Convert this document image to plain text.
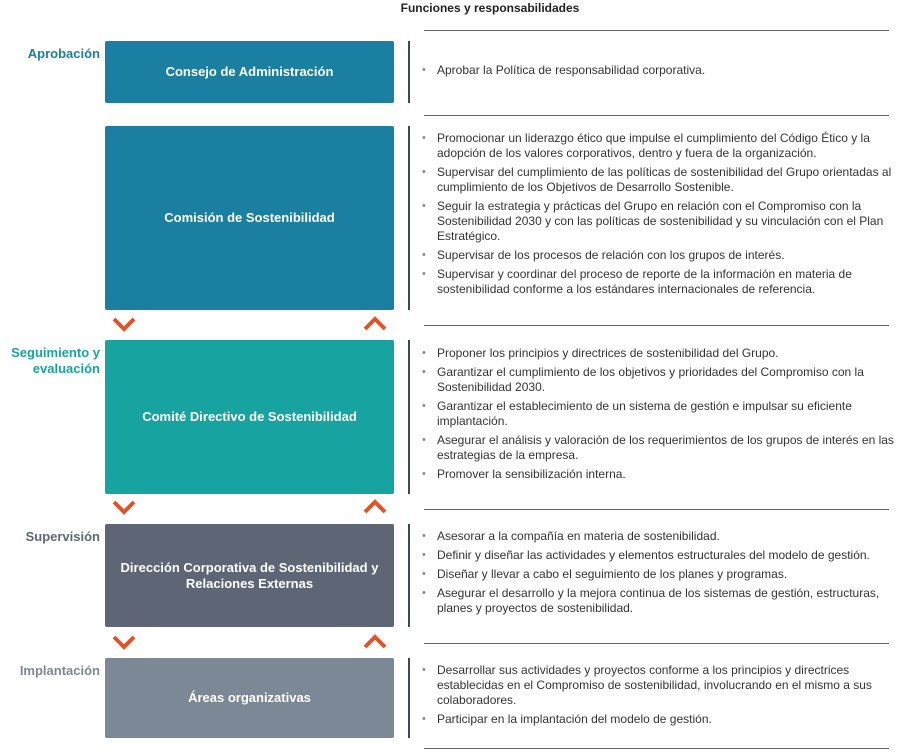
Funciones y responsabilidades
Aprobación
Seguimiento y evaluación
Supervisión
Implantación
Consejo de Administración
Comisión de Sostenibilidad
Comité Directivo de Sostenibilidad
Dirección Corporativa de Sostenibilidad y Relaciones Externas
Áreas organizativas
• Aprobar la Política de responsabilidad corporativa.
• Promocionar un liderazgo ético que impulse el cumplimiento del Código Ético y la adopción de los valores corporativos, dentro y fuera de la organización.
• Supervisar del cumplimiento de las políticas de sostenibilidad del Grupo orientadas al cumplimiento de los Objetivos de Desarrollo Sostenible.
• Seguir la estrategia y prácticas del Grupo en relación con el Compromiso con la Sostenibilidad 2030 y con las políticas de sostenibilidad y su vinculación con el Plan Estratégico.
• Supervisar de los procesos de relación con los grupos de interés.
• Supervisar y coordinar del proceso de reporte de la información en materia de sostenibilidad conforme a los estándares internacionales de referencia.
• Proponer los principios y directrices de sostenibilidad del Grupo.
• Garantizar el cumplimiento de los objetivos y prioridades del Compromiso con la Sostenibilidad 2030.
• Garantizar el establecimiento de un sistema de gestión e impulsar su eficiente implantación.
• Asegurar el análisis y valoración de los requerimientos de los grupos de interés en las estrategias de la empresa.
• Promover la sensibilización interna.
• Asesorar a la compañía en materia de sostenibilidad.
• Definir y diseñar las actividades y elementos estructurales del modelo de gestión.
• Diseñar y llevar a cabo el seguimiento de los planes y programas.
• Asegurar el desarrollo y la mejora continua de los sistemas de gestión, estructuras, planes y proyectos de sostenibilidad.
• Desarrollar sus actividades y proyectos conforme a los principios y directrices establecidas en el Compromiso de sostenibilidad, involucrando en el mismo a sus colaboradores.
• Participar en la implantación del modelo de gestión.
